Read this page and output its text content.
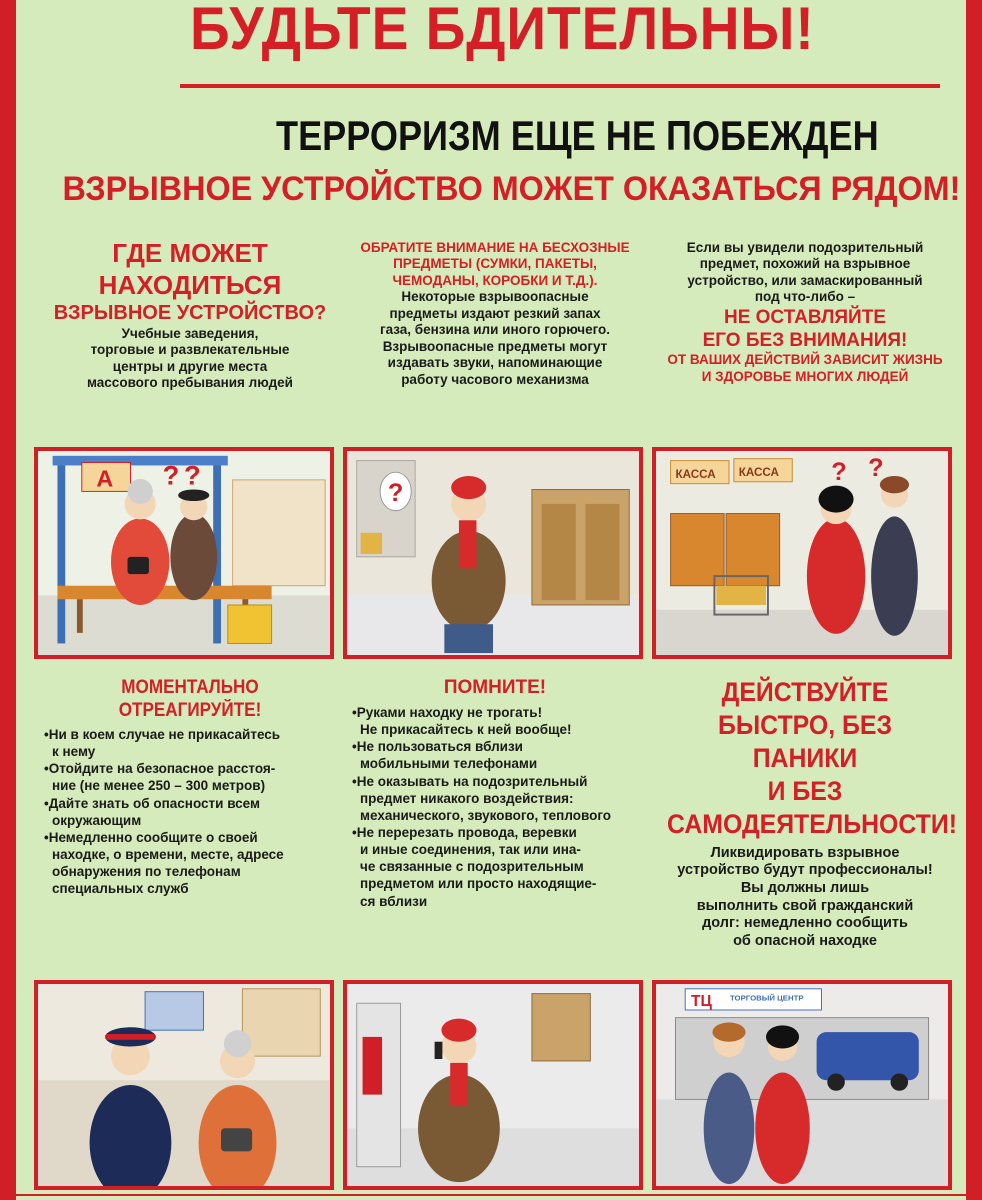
БУДЬТЕ БДИТЕЛЬНЫ!
ТЕРРОРИЗМ ЕЩЕ НЕ ПОБЕЖДЕН
ВЗРЫВНОЕ УСТРОЙСТВО МОЖЕТ ОКАЗАТЬСЯ РЯДОМ!
ГДЕ МОЖЕТ
НАХОДИТЬСЯ
ВЗРЫВНОЕ УСТРОЙСТВО?
Учебные заведения,
торговые и развлекательные
центры и другие места
массового пребывания людей
ОБРАТИТЕ ВНИМАНИЕ НА БЕСХОЗНЫЕ
ПРЕДМЕТЫ (СУМКИ, ПАКЕТЫ,
ЧЕМОДАНЫ, КОРОБКИ И Т.Д.).
Некоторые взрывоопасные
предметы издают резкий запах
газа, бензина или иного горючего.
Взрывоопасные предметы могут
издавать звуки, напоминающие
работу часового механизма
Если вы увидели подозрительный
предмет, похожий на взрывное
устройство, или замаскированный
под что-либо –
НЕ ОСТАВЛЯЙТЕ
ЕГО БЕЗ ВНИМАНИЯ!
ОТ ВАШИХ ДЕЙСТВИЙ ЗАВИСИТ ЖИЗНЬ
И ЗДОРОВЬЕ МНОГИХ ЛЮДЕЙ
А ? ?
?
КАССА КАССА ? ?
МОМЕНТАЛЬНО
ОТРЕАГИРУЙТЕ!
•Ни в коем случае не прикасайтесь
к нему
•Отойдите на безопасное расстоя-
ние (не менее 250 – 300 метров)
•Дайте знать об опасности всем
окружающим
•Немедленно сообщите о своей
находке, о времени, месте, адресе
обнаружения по телефонам
специальных служб
ПОМНИТЕ!
•Руками находку не трогать!
Не прикасайтесь к ней вообще!
•Не пользоваться вблизи
мобильными телефонами
•Не оказывать на подозрительный
предмет никакого воздействия:
механического, звукового, теплового
•Не перерезать провода, веревки
и иные соединения, так или ина-
че связанные с подозрительным
предметом или просто находящие-
ся вблизи
ДЕЙСТВУЙТЕ
БЫСТРО, БЕЗ ПАНИКИ
И БЕЗ
САМОДЕЯТЕЛЬНОСТИ!
Ликвидировать взрывное
устройство будут профессионалы!
Вы должны лишь
выполнить свой гражданский
долг: немедленно сообщить
об опасной находке
ТЦ ТОРГОВЫЙ ЦЕНТР
